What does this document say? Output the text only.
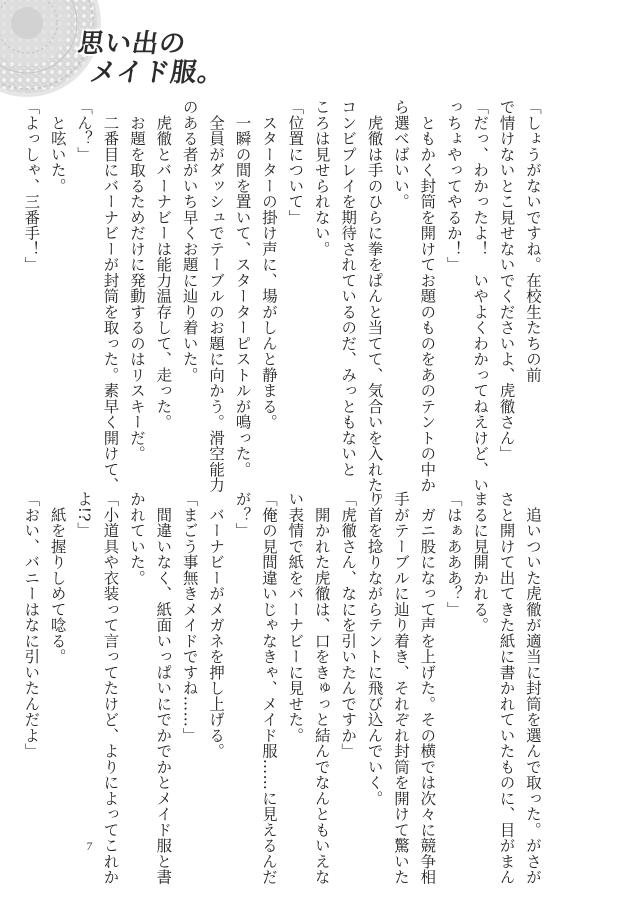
思い出の
メイド服。
「しょうがないですね。在校生たちの前
で情けないとこ見せないでくださいよ、虎徹さん」
「だっ、わかったよ！　いやよくわかってねえけど、い
っちょやってやるか！」
　ともかく封筒を開けてお題のものをあのテントの中か
ら選べばいい。
　虎徹は手のひらに拳をぱんと当てて、気合いを入れた。
コンビプレイを期待されているのだ、みっともないと
ころは見せられない。
「位置について」
　スターターの掛け声に、場がしんと静まる。
　一瞬の間を置いて、スターターピストルが鳴った。
　全員がダッシュでテーブルのお題に向かう。滑空能力
のある者がいち早くお題に辿り着いた。
　虎徹とバーナビーは能力温存して、走った。
　お題を取るためだけに発動するのはリスキーだ。
　二番目にバーナビーが封筒を取った。素早く開けて、
「ん？」
　と呟いた。
「よっしゃ、三番手！」
　追いついた虎徹が適当に封筒を選んで取った。がさが
さと開けて出てきた紙に書かれていたものに、目がまん
まるに見開かれる。
「はぁあああ？」
　ガニ股になって声を上げた。その横では次々に競争相
手がテーブルに辿り着き、それぞれ封筒を開けて驚いた
り首を捻りながらテントに飛び込んでいく。
「虎徹さん、なにを引いたんですか」
　開かれた虎徹は、口をきゅっと結んでなんともいえな
い表情で紙をバーナビーに見せた。
「俺の見間違いじゃなきゃ、メイド服……に見えるんだ
が？」
　バーナビーがメガネを押し上げる。
「まごう事無きメイドですね……」
　間違いなく、紙面いっぱいにでかでかとメイド服と書
かれていた。
「小道具や衣装って言ってたけど、よりによってこれか
よ!?」
　紙を握りしめて唸る。
「おい、バニーはなに引いたんだよ」
7
